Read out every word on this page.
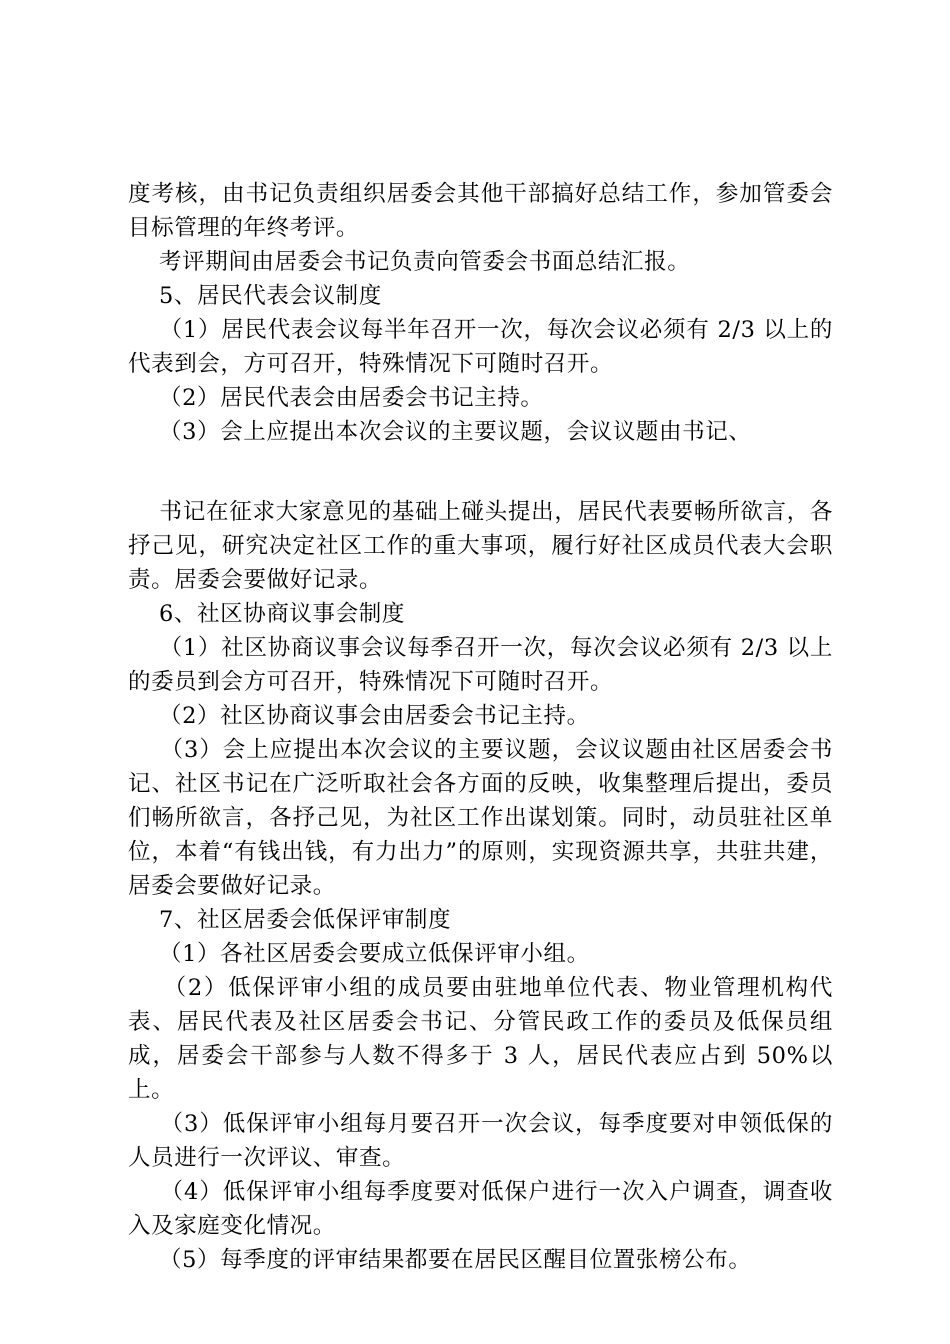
度考核，由书记负责组织居委会其他干部搞好总结工作，参加管委会目标管理的年终考评。

考评期间由居委会书记负责向管委会书面总结汇报。

5、居民代表会议制度

（1）居民代表会议每半年召开一次，每次会议必须有 2/3 以上的代表到会，方可召开，特殊情况下可随时召开。

（2）居民代表会由居委会书记主持。

（3）会上应提出本次会议的主要议题，会议议题由书记、

书记在征求大家意见的基础上碰头提出，居民代表要畅所欲言，各抒己见，研究决定社区工作的重大事项，履行好社区成员代表大会职责。居委会要做好记录。

6、社区协商议事会制度

（1）社区协商议事会议每季召开一次，每次会议必须有 2/3 以上的委员到会方可召开，特殊情况下可随时召开。

（2）社区协商议事会由居委会书记主持。

（3）会上应提出本次会议的主要议题，会议议题由社区居委会书记、社区书记在广泛听取社会各方面的反映，收集整理后提出，委员们畅所欲言，各抒己见，为社区工作出谋划策。同时，动员驻社区单位，本着“有钱出钱，有力出力”的原则，实现资源共享，共驻共建，居委会要做好记录。

7、社区居委会低保评审制度

（1）各社区居委会要成立低保评审小组。

（2）低保评审小组的成员要由驻地单位代表、物业管理机构代表、居民代表及社区居委会书记、分管民政工作的委员及低保员组成，居委会干部参与人数不得多于 3 人，居民代表应占到 50%以上。

（3）低保评审小组每月要召开一次会议，每季度要对申领低保的人员进行一次评议、审查。

（4）低保评审小组每季度要对低保户进行一次入户调查，调查收入及家庭变化情况。

（5）每季度的评审结果都要在居民区醒目位置张榜公布。
